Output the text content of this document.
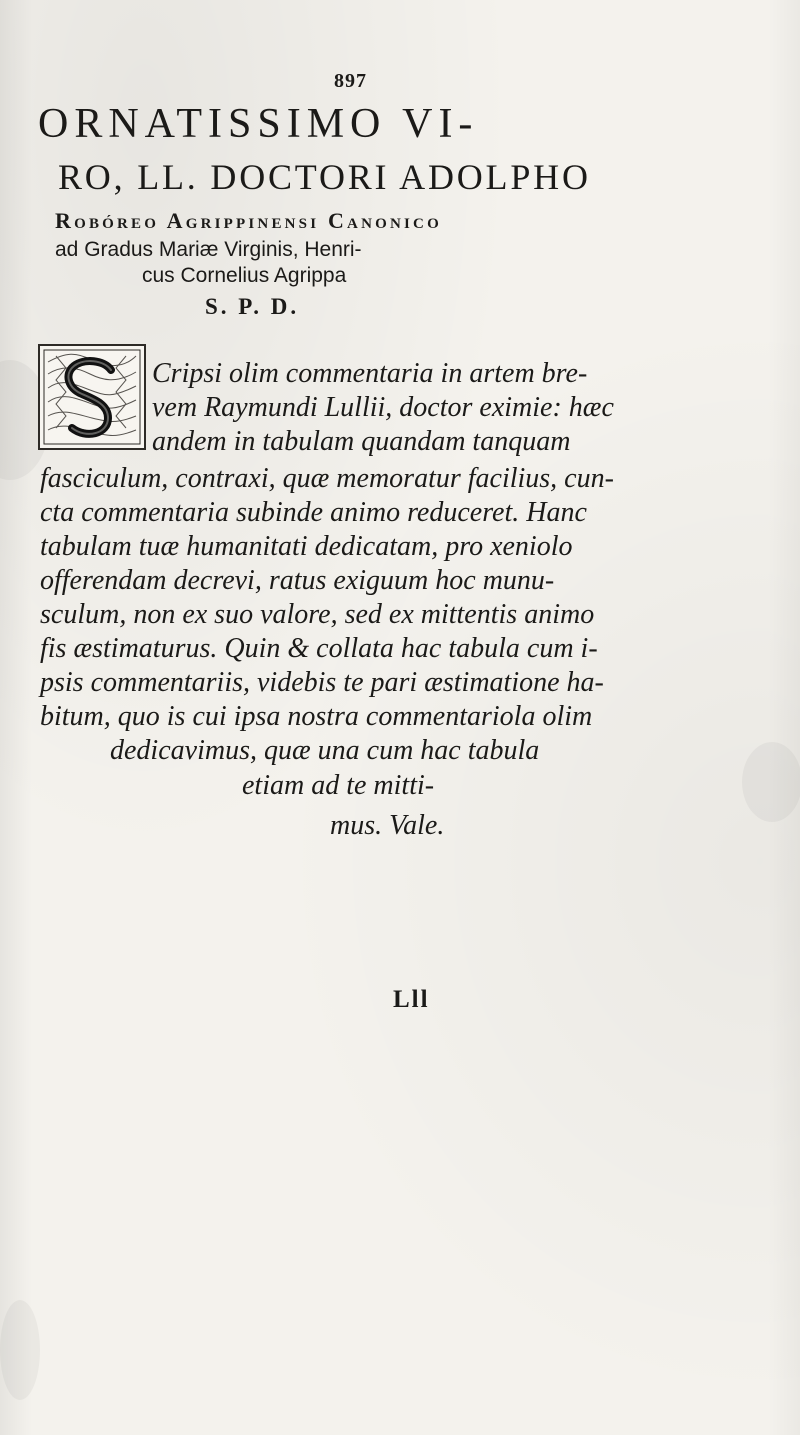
897
ORNATISSIMO VI-
RO, LL. DOCTORI ADOLPHO
Robóreo Agrippinensi Canonico
ad Gradus Mariæ Virginis, Henri-
cus Cornelius Agrippa
S. P. D.
Cripsi olim commentaria in artem bre-
vem Raymundi Lullii, doctor eximie: hæc
andem in tabulam quandam tanquam
fasciculum, contraxi, quæ memoratur facilius, cun-
cta commentaria subinde animo reduceret. Hanc
tabulam tuæ humanitati dedicatam, pro xeniolo
offerendam decrevi, ratus exiguum hoc munu-
sculum, non ex suo valore, sed ex mittentis animo
fis æstimaturus. Quin & collata hac tabula cum i-
psis commentariis, videbis te pari æstimatione ha-
bitum, quo is cui ipsa nostra commentariola olim
dedicavimus, quæ una cum hac tabula
etiam ad te mitti-
mus. Vale.
Lll
